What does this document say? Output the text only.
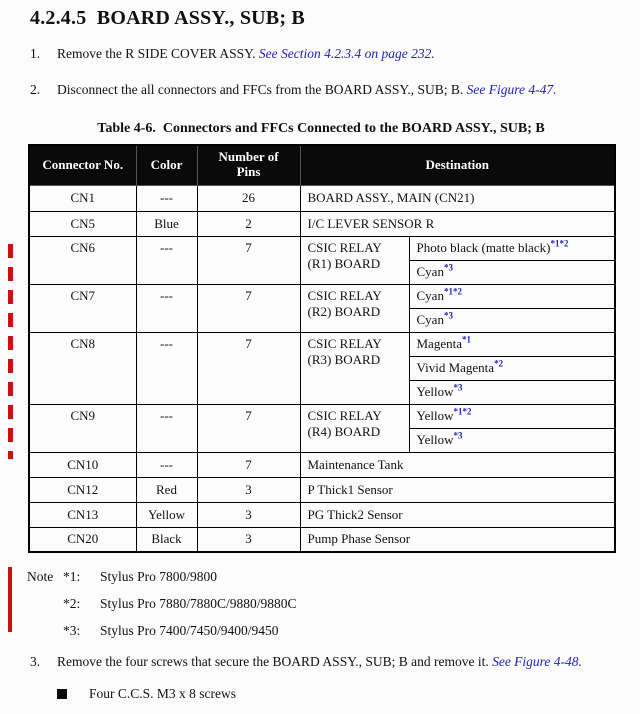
4.2.4.5  BOARD ASSY., SUB; B
1.	Remove the R SIDE COVER ASSY. See Section 4.2.3.4 on page 232.
2.	Disconnect the all connectors and FFCs from the BOARD ASSY., SUB; B. See Figure 4-47.
Table 4-6.  Connectors and FFCs Connected to the BOARD ASSY., SUB; B
Connector No.	Color	Number of Pins	Destination	
CN1	---	26	BOARD ASSY., MAIN (CN21)	
CN5	Blue	2	I/C LEVER SENSOR R	
CN6	---	7	CSIC RELAY (R1) BOARD	Photo black (matte black)$^{*1*2}$
				Cyan$^{*3}$
CN7	---	7	CSIC RELAY (R2) BOARD	Cyan$^{*1*2}$
				Cyan$^{*3}$
CN8	---	7	CSIC RELAY (R3) BOARD	Magenta$^{*1}$
				Vivid Magenta$^{*2}$
				Yellow$^{*3}$
CN9	---	7	CSIC RELAY (R4) BOARD	Yellow$^{*1*2}$
				Yellow$^{*3}$
CN10	---	7	Maintenance Tank	
CN12	Red	3	P Thick1 Sensor	
CN13	Yellow	3	PG Thick2 Sensor	
CN20	Black	3	Pump Phase Sensor	
Note *1:	Stylus Pro 7800/9800
*2:	Stylus Pro 7880/7880C/9880/9880C
*3:	Stylus Pro 7400/7450/9400/9450
3.	Remove the four screws that secure the BOARD ASSY., SUB; B and remove it. See Figure 4-48.
Four C.C.S. M3 x 8 screws
